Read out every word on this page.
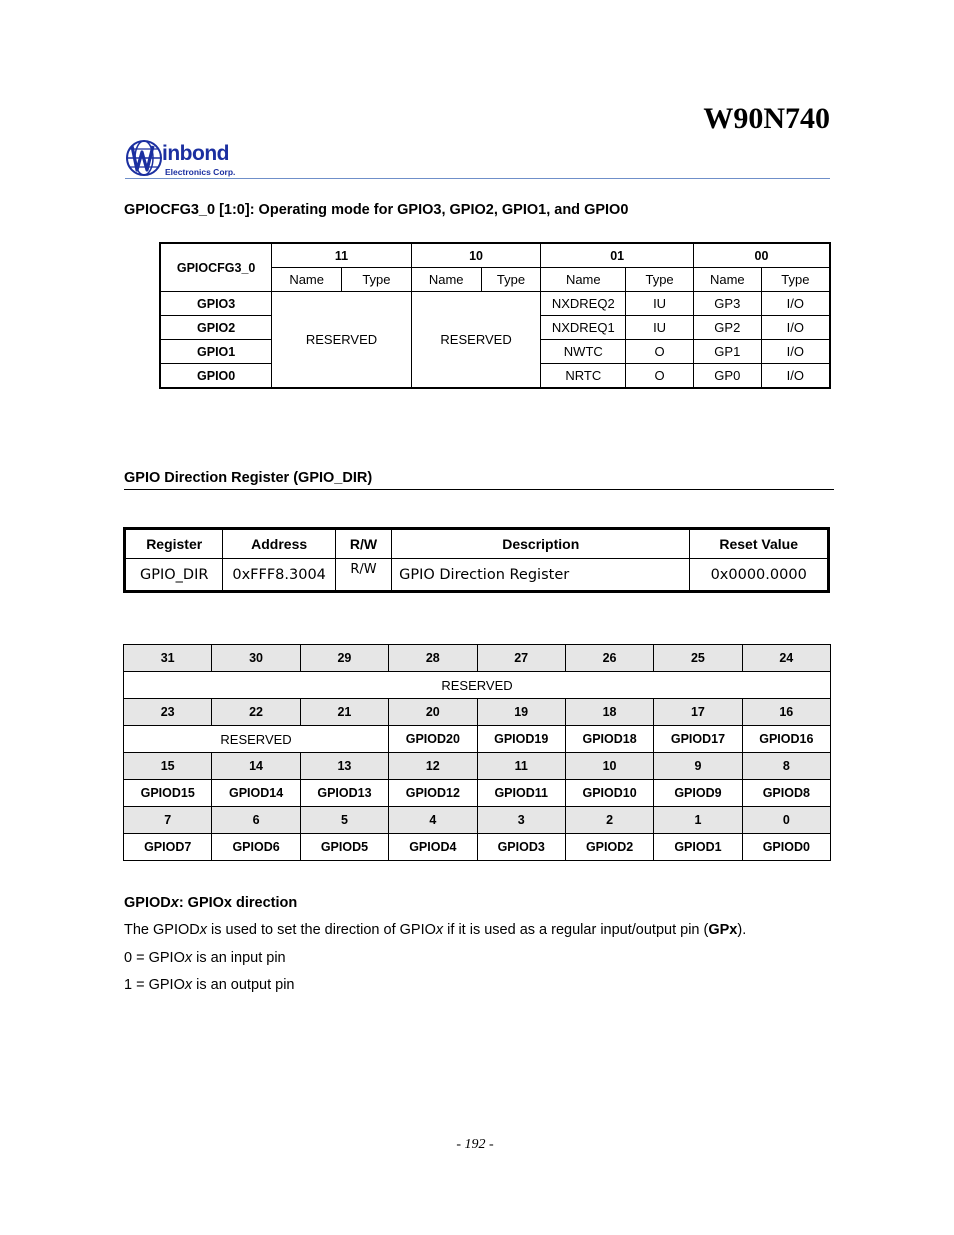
W90N740
inbond
Electronics Corp.
GPIOCFG3_0 [1:0]: Operating mode for GPIO3, GPIO2, GPIO1, and GPIO0
GPIOCFG3_0	11		10		01		00	
	Name	Type	Name	Type	Name	Type	Name	Type
GPIO3	RESERVED		RESERVED		NXDREQ2	IU	GP3	I/O
GPIO2					NXDREQ1	IU	GP2	I/O
GPIO1					NWTC	O	GP1	I/O
GPIO0					NRTC	O	GP0	I/O
GPIO Direction Register (GPIO_DIR)
Register	Address	R/W	Description	Reset Value
GPIO_DIR	0xFFF8.3004	R/W	GPIO Direction Register	0x0000.0000
31	30	29	28	27	26	25	24
RESERVED							
23	22	21	20	19	18	17	16
RESERVED			GPIOD20	GPIOD19	GPIOD18	GPIOD17	GPIOD16
15	14	13	12	11	10	9	8
GPIOD15	GPIOD14	GPIOD13	GPIOD12	GPIOD11	GPIOD10	GPIOD9	GPIOD8
7	6	5	4	3	2	1	0
GPIOD7	GPIOD6	GPIOD5	GPIOD4	GPIOD3	GPIOD2	GPIOD1	GPIOD0
GPIODx: GPIOx direction
The GPIODx is used to set the direction of GPIOx if it is used as a regular input/output pin (GPx).
0 = GPIOx is an input pin
1 = GPIOx is an output pin
- 192 -
